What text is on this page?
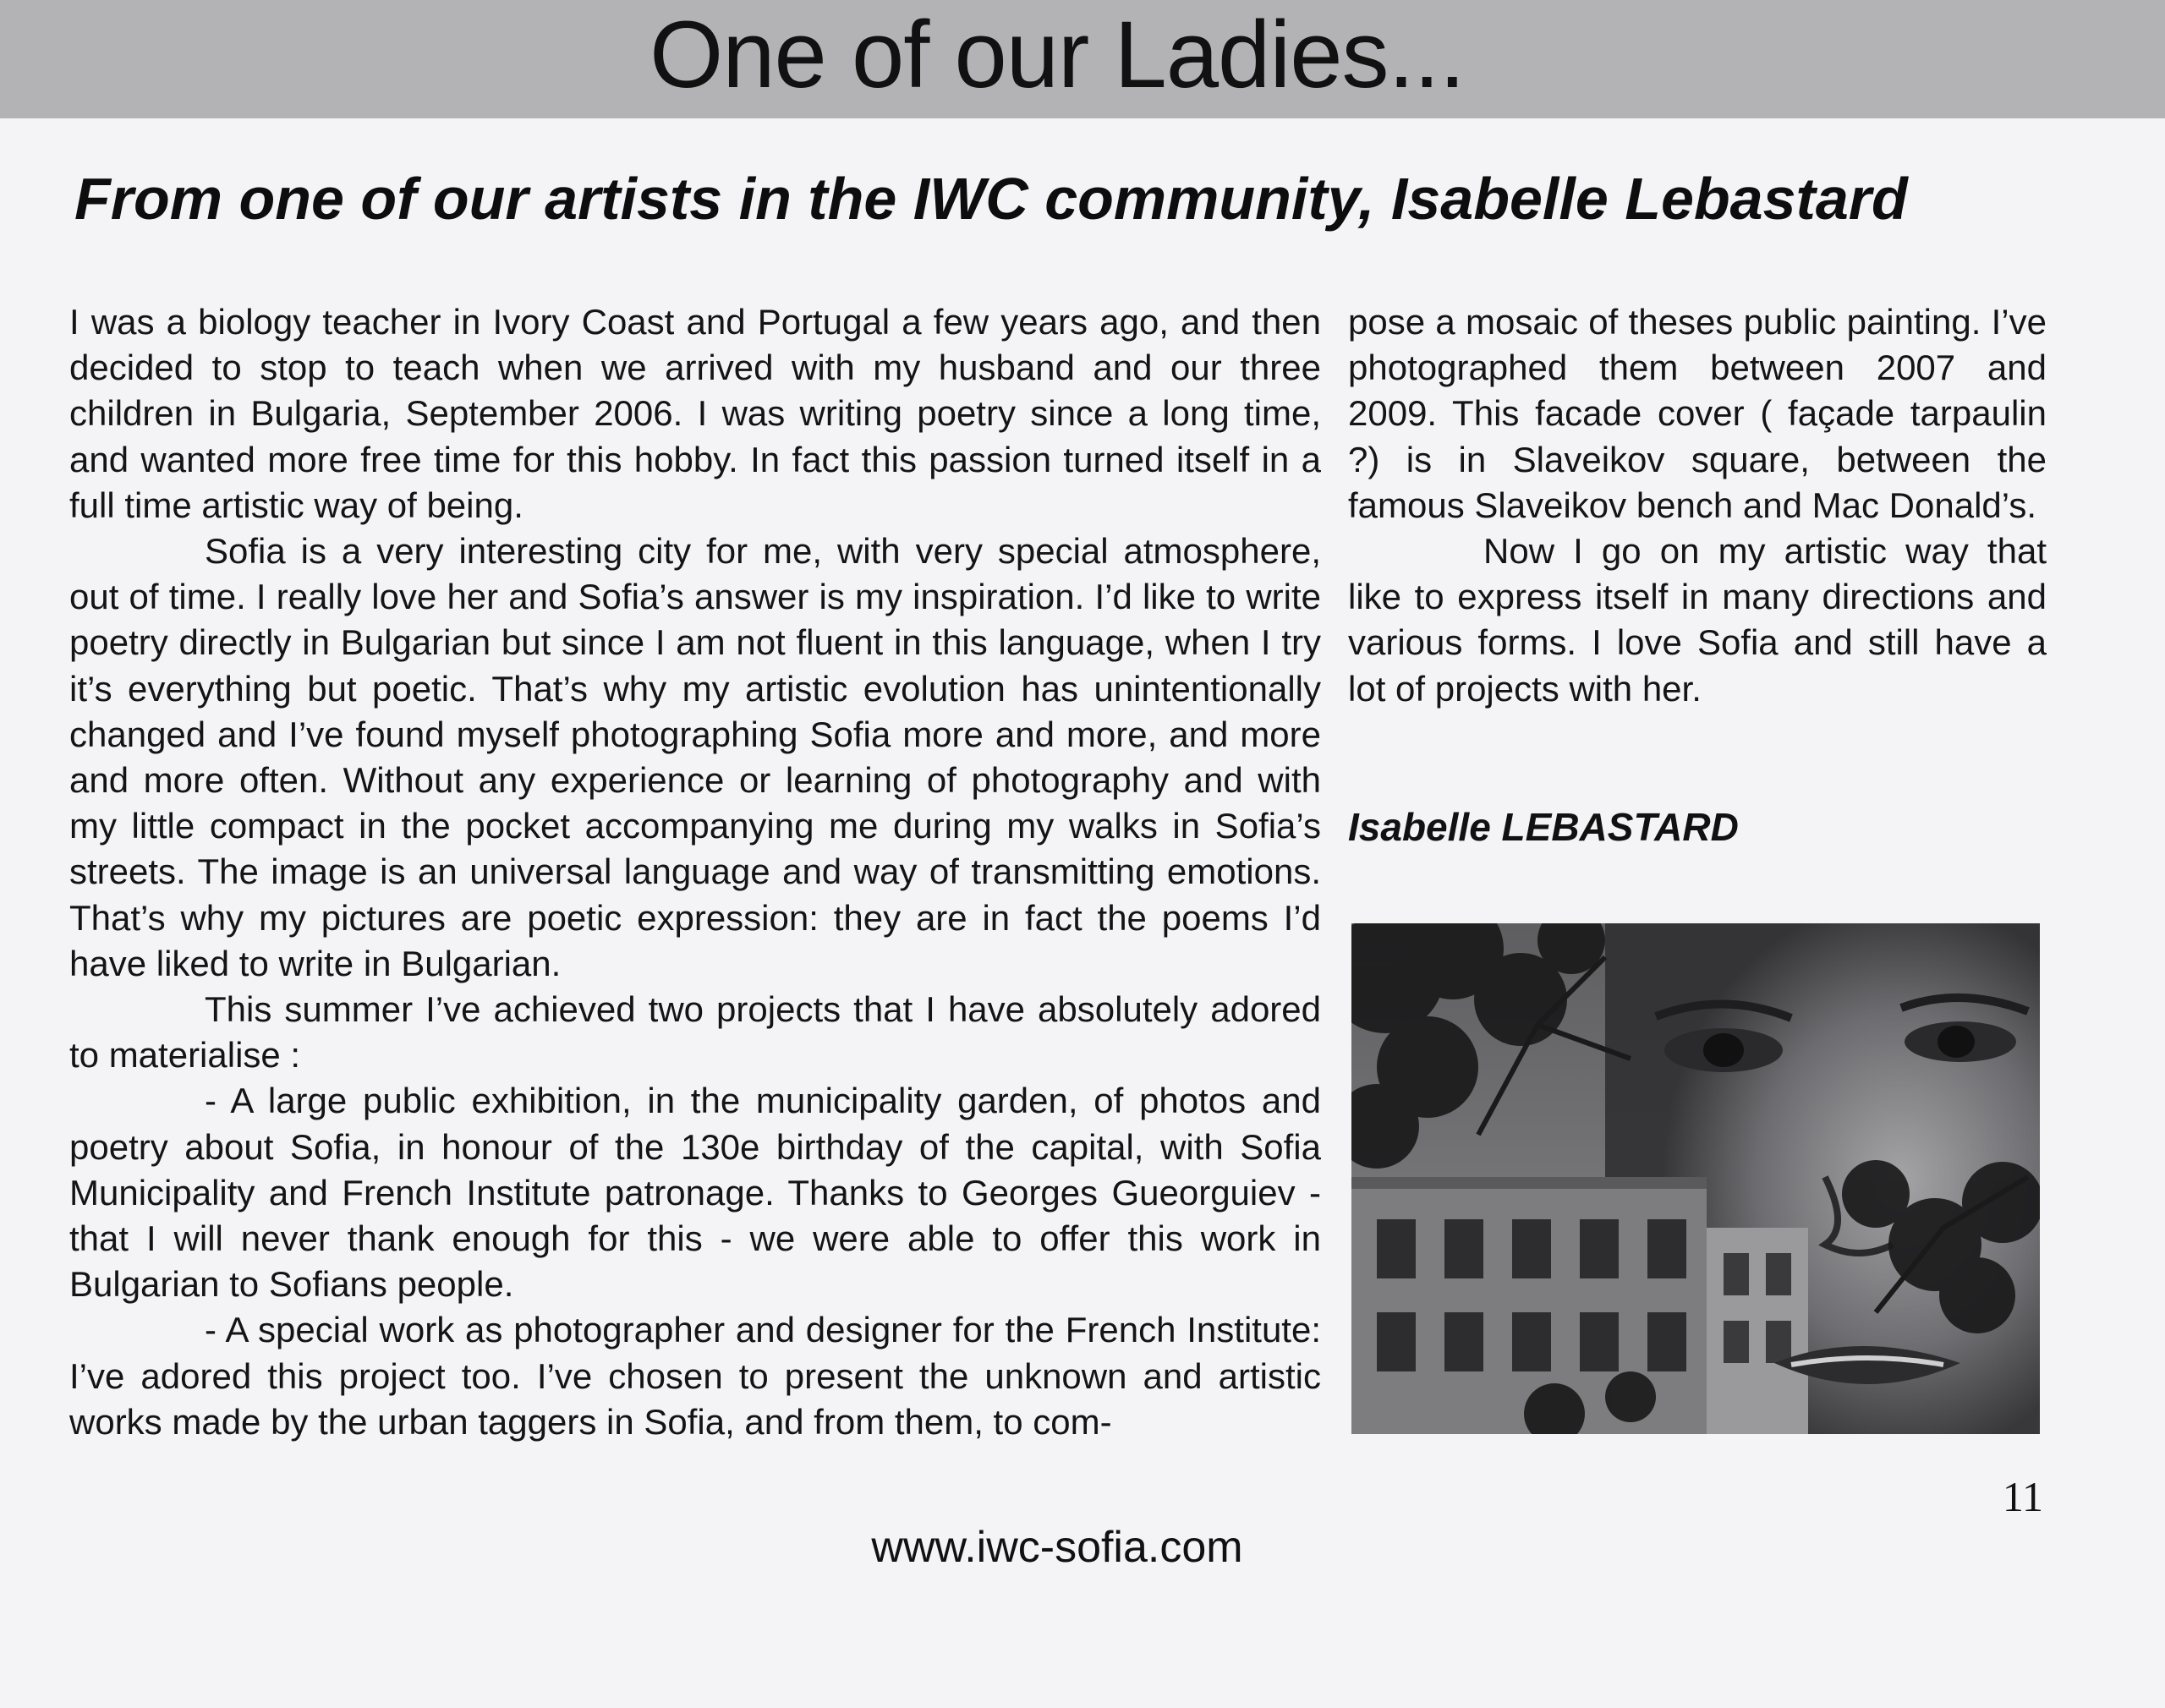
One of our Ladies...
From one of our artists in the IWC community, Isabelle Lebastard

I was a biology teacher in Ivory Coast and Portugal a few years ago, and then decided to stop to teach when we arrived with my husband and our three children in Bulgaria, September 2006. I was writing poetry since a long time, and wanted more free time for this hobby. In fact this passion turned itself in a full time artistic way of being.

Sofia is a very interesting city for me, with very special atmosphere, out of time. I really love her and Sofia’s answer is my inspiration. I’d like to write poetry directly in Bulgarian but since I am not fluent in this language, when I try it’s everything but poetic. That’s why my artistic evolution has unintentionally changed and I’ve found myself photographing Sofia more and more, and more and more often. Without any experience or learning of photography and with my little compact in the pocket accompanying me during my walks in Sofia’s streets. The image is an universal language and way of transmitting emotions. That’s why my pictures are poetic expression: they are in fact the poems I’d have liked to write in Bulgarian.

This summer I’ve achieved two projects that I have absolutely adored to materialise :

- A large public exhibition, in the municipality garden, of photos and poetry about Sofia, in honour of the 130e birthday of the capital, with Sofia Municipality and French Institute patronage. Thanks to Georges Gueorguiev - that I will never thank enough for this - we were able to offer this work in Bulgarian to Sofians people.

- A special work as photographer and designer for the French Institute: I’ve adored this project too. I’ve chosen to present the unknown and artistic works made by the urban taggers in Sofia, and from them, to com-

pose a mosaic of theses public painting. I’ve photographed them between 2007 and 2009. This facade cover ( façade tarpaulin ?) is in Slaveikov square, between the famous Slaveikov bench and Mac Donald’s.

Now I go on my artistic way that like to express itself in many directions and various forms. I love Sofia and still have a lot of projects with her.

Isabelle LEBASTARD
11
www.iwc-sofia.com
